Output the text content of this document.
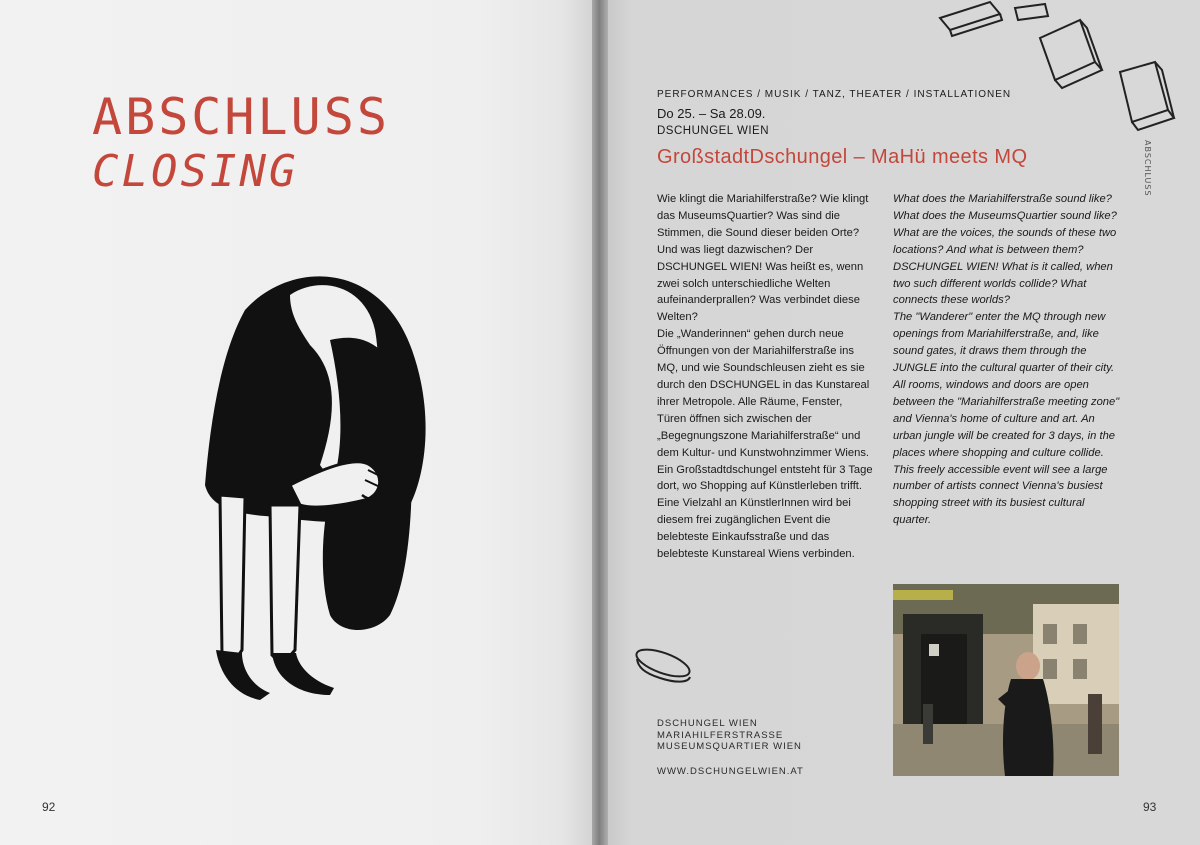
ABSCHLUSS
CLOSING
92
PERFORMANCES / MUSIK / TANZ, THEATER / INSTALLATIONEN
Do 25. – Sa 28.09.
DSCHUNGEL WIEN
GroßstadtDschungel – MaHü meets MQ

Wie klingt die Mariahilferstraße? Wie klingt das MuseumsQuartier? Was sind die Stimmen, die Sound dieser beiden Orte? Und was liegt dazwischen? Der DSCHUNGEL WIEN! Was heißt es, wenn zwei solch unterschiedliche Welten aufeinanderprallen? Was verbindet diese Welten?

Die „Wanderinnen“ gehen durch neue Öffnungen von der Mariahilferstraße ins MQ, und wie Soundschleusen zieht es sie durch den DSCHUNGEL in das Kunstareal ihrer Metropole. Alle Räume, Fenster, Türen öffnen sich zwischen der „Begegnungszone Mariahilferstraße“ und dem Kultur- und Kunstwohnzimmer Wiens. Ein Großstadtdschungel entsteht für 3 Tage dort, wo Shopping auf Künstlerleben trifft. Eine Vielzahl an KünstlerInnen wird bei diesem frei zugänglichen Event die belebteste Einkaufsstraße und das belebteste Kunstareal Wiens verbinden.

What does the Mariahilferstraße sound like? What does the MuseumsQuartier sound like? What are the voices, the sounds of these two locations? And what is between them? DSCHUNGEL WIEN! What is it called, when two such different worlds collide? What connects these worlds?

The "Wanderer" enter the MQ through new openings from Mariahilferstraße, and, like sound gates, it draws them through the JUNGLE into the cultural quarter of their city. All rooms, windows and doors are open between the "Mariahilferstraße meeting zone" and Vienna's home of culture and art. An urban jungle will be created for 3 days, in the places where shopping and culture collide. This freely accessible event will see a large number of artists connect Vienna's busiest shopping street with its busiest cultural quarter.

ABSCHLUSS
DSCHUNGEL WIEN
MARIAHILFERSTRASSE
MUSEUMSQUARTIER WIEN
WWW.DSCHUNGELWIEN.AT
93
